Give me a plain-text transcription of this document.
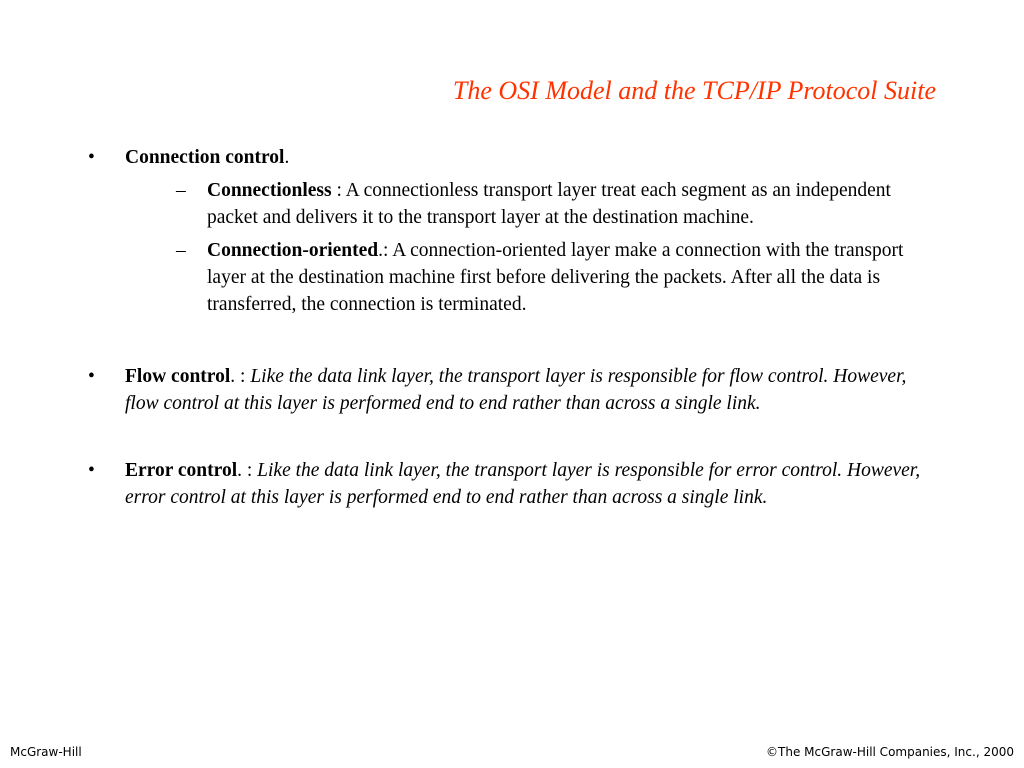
The OSI Model and the TCP/IP Protocol Suite
• Connection control.
– Connectionless : A connectionless transport layer treat each segment as an independent packet and delivers it to the transport layer at the destination machine.
– Connection-oriented.: A connection-oriented layer make a connection with the transport layer at the destination machine first before delivering the packets. After all the data is transferred, the connection is terminated.
• Flow control. : Like the data link layer, the transport layer is responsible for flow control. However, flow control at this layer is performed end to end rather than across a single link.
• Error control. : Like the data link layer, the transport layer is responsible for error control. However, error control at this layer is performed end to end rather than across a single link.
McGraw-Hill	©The McGraw-Hill Companies, Inc., 2000
